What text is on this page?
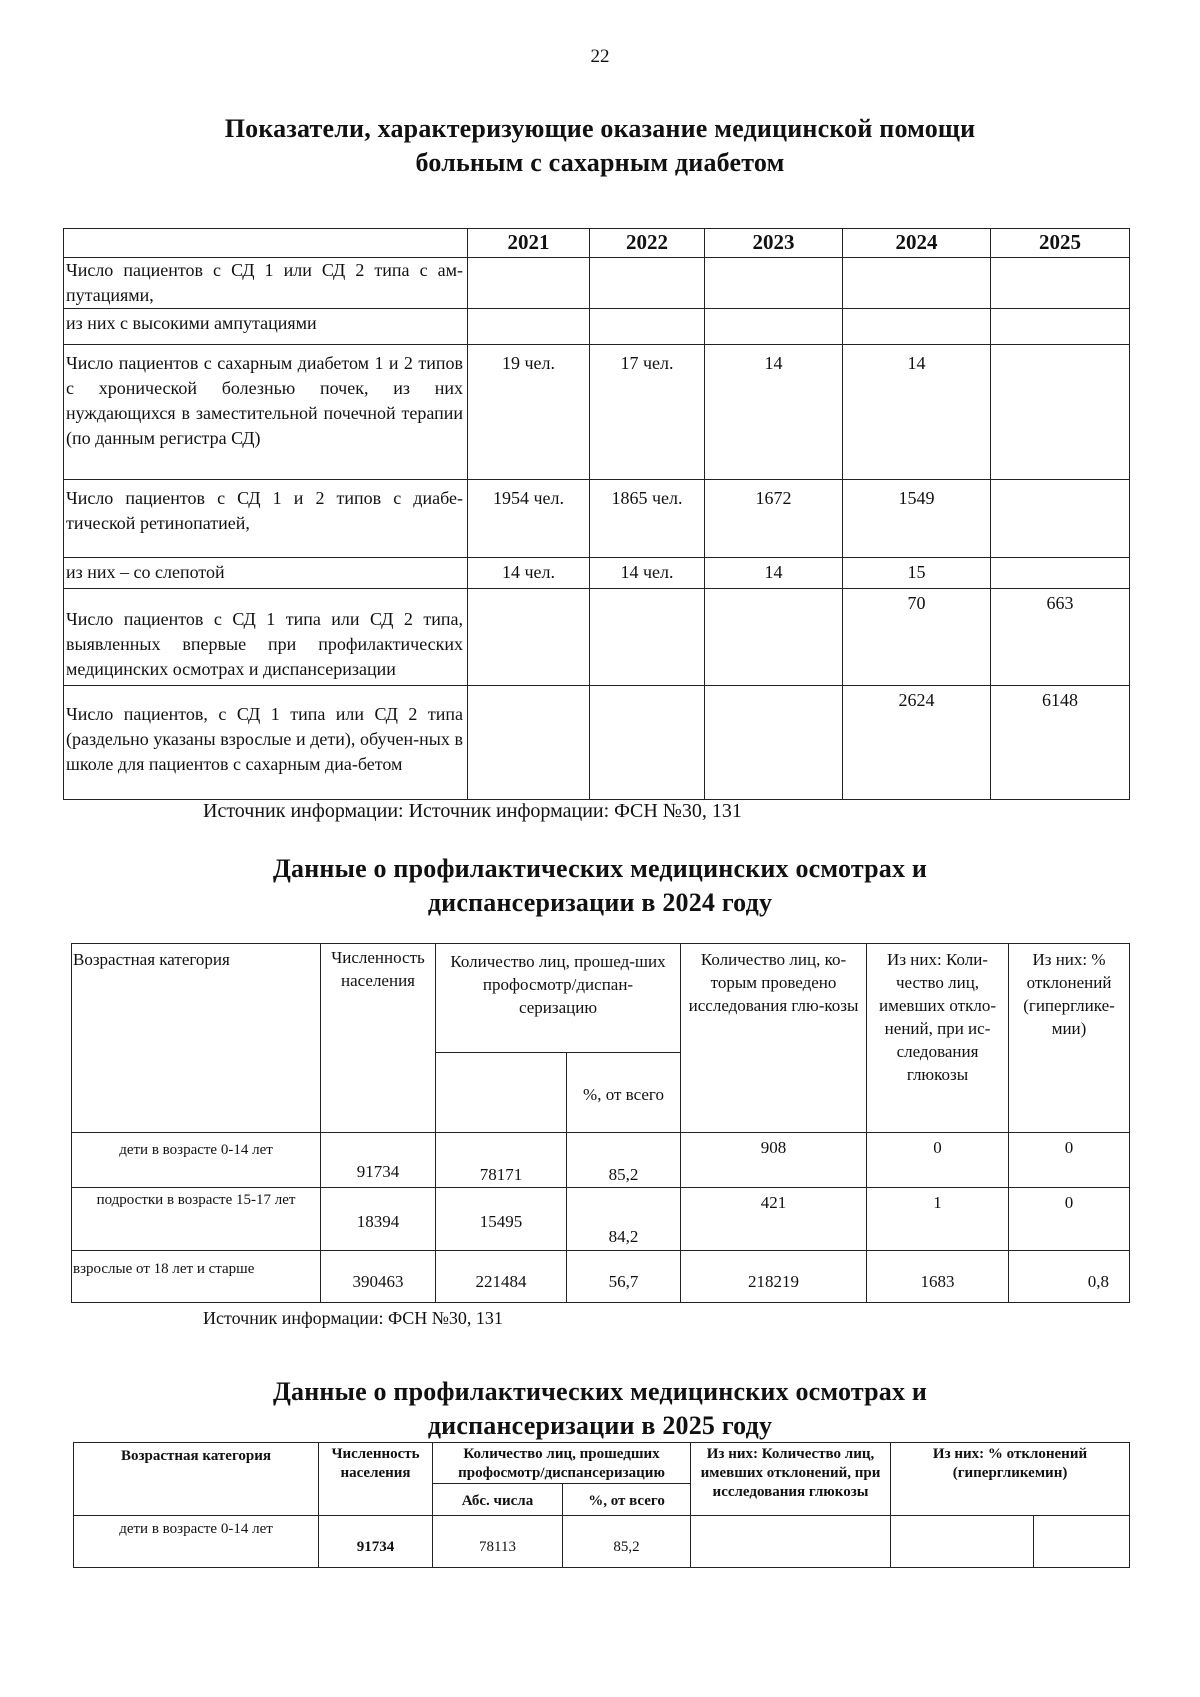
22
Показатели, характеризующие оказание медицинской помощи
больным с сахарным диабетом
	2021	2022	2023	2024	2025
Число пациентов с СД 1 или СД 2 типа с ам-путациями,					
из них с высокими ампутациями					
Число пациентов с сахарным диабетом 1 и 2 типов с хронической болезнью почек, из них нуждающихся в заместительной почечной терапии (по данным регистра СД)	19 чел.	17 чел.	14	14	
Число пациентов с СД 1 и 2 типов с диабе-тической ретинопатией,	1954 чел.	1865 чел.	1672	1549	
из них – со слепотой	14 чел.	14 чел.	14	15	
Число пациентов с СД 1 типа или СД 2 типа, выявленных впервые при профилактических медицинских осмотрах и диспансеризации				70	663
Число пациентов, с СД 1 типа или СД 2 типа (раздельно указаны взрослые и дети), обучен-ных в школе для пациентов с сахарным диа-бетом				2624	6148
Источник информации: Источник информации: ФСН №30, 131
Данные о профилактических медицинских осмотрах и
диспансеризации в 2024 году
Возрастная категория	Численность населения	Количество лиц, прошед-ших профосмотр/диспан-серизацию		Количество лиц, ко-торым проведено исследования глю-козы	Из них: Коли-чество лиц, имевших откло-нений, при ис-следования глюкозы	Из них: % отклонений (гиперглике-мии)
			%, от всего			
дети в возрасте 0-14 лет	91734	78171	85,2	908	0	0
подростки в возрасте 15-17 лет	18394	15495	84,2	421	1	0
взрослые от 18 лет и старше	390463	221484	56,7	218219	1683	0,8
Источник информации: ФСН №30, 131
Данные о профилактических медицинских осмотрах и
диспансеризации в 2025 году
Возрастная категория	Численность населения	Количество лиц, прошедших профосмотр/диспансеризацию		Из них: Количество лиц, имевших отклонений, при исследования глюкозы	Из них: % отклонений (гипергликемин)	
		Абс. числа	%, от всего			
дети в возрасте 0-14 лет	91734	78113	85,2			
